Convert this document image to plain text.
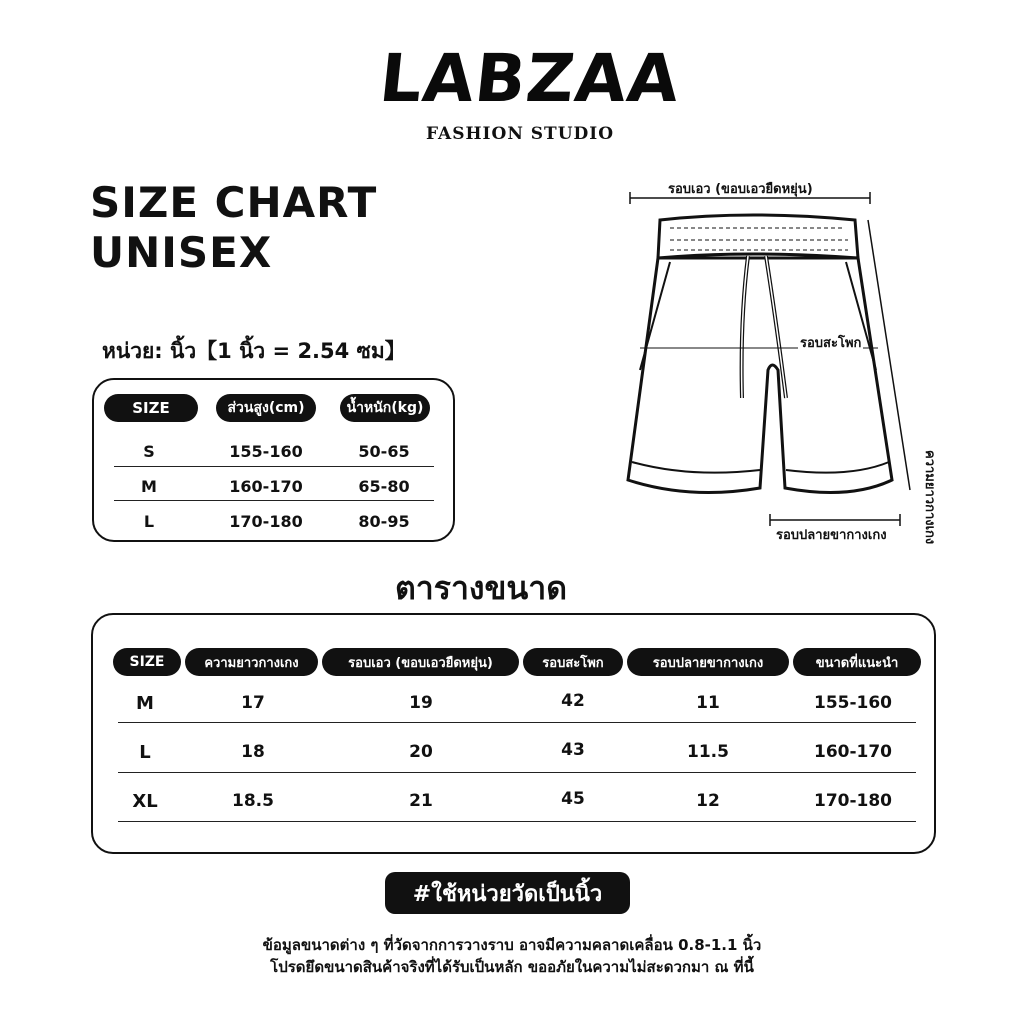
LABZAA
FASHION STUDIO
SIZE CHART
UNISEX
หน่วย: นิ้ว【1 นิ้ว = 2.54 ซม】
SIZE	ส่วนสูง(cm)	น้ำหนัก(kg)
S	155-160	50-65
M	160-170	65-80
L	170-180	80-95
รอบเอว (ขอบเอวยืดหยุ่น)
รอบสะโพก
ความยาวกางเกง
รอบปลายขากางเกง
ตารางขนาด
SIZE	ความยาวกางเกง	รอบเอว (ขอบเอวยืดหยุ่น)	รอบสะโพก	รอบปลายขากางเกง	ขนาดที่แนะนำ
M	17	19	42	11	155-160
L	18	20	43	11.5	160-170
XL	18.5	21	45	12	170-180
#ใช้หน่วยวัดเป็นนิ้ว
ข้อมูลขนาดต่าง ๆ ที่วัดจากการวางราบ อาจมีความคลาดเคลื่อน 0.8-1.1 นิ้ว
โปรดยึดขนาดสินค้าจริงที่ได้รับเป็นหลัก ขออภัยในความไม่สะดวกมา ณ ที่นี้
